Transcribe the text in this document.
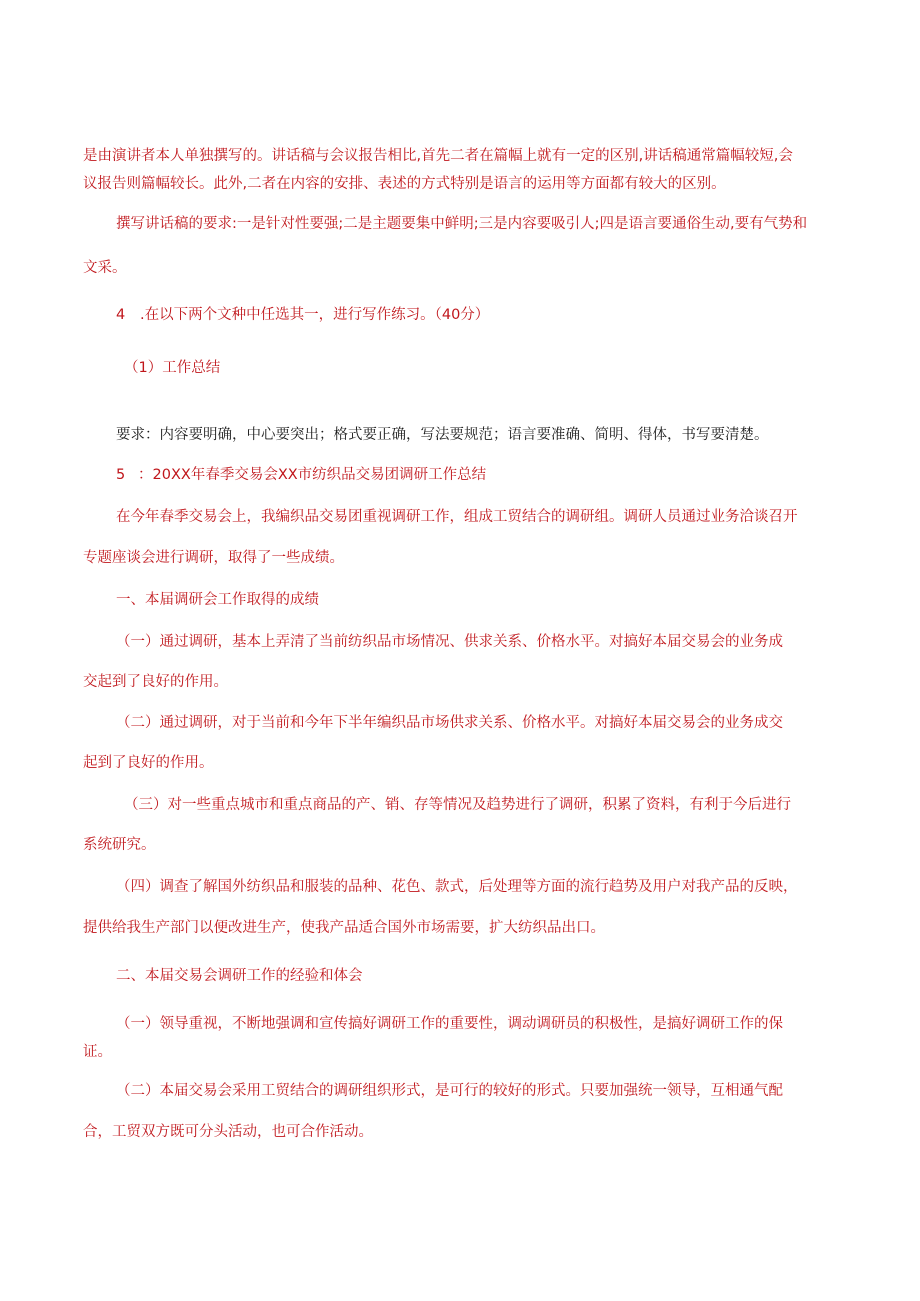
是由演讲者本人单独撰写的。讲话稿与会议报告相比,首先二者在篇幅上就有一定的区别,讲话稿通常篇幅较短,会
议报告则篇幅较长。此外,二者在内容的安排、表述的方式特别是语言的运用等方面都有较大的区别。
撰写讲话稿的要求:一是针对性要强;二是主题要集中鲜明;三是内容要吸引人;四是语言要通俗生动,要有气势和
文采。
4 .在以下两个文种中任选其一，进行写作练习。（40分）
（1）工作总结
要求：内容要明确，中心要突出；格式要正确，写法要规范；语言要准确、简明、得体，书写要清楚。
5 ：20XX年春季交易会XX市纺织品交易团调研工作总结
在今年春季交易会上，我编织品交易团重视调研工作，组成工贸结合的调研组。调研人员通过业务洽谈召开
专题座谈会进行调研，取得了一些成绩。
一、本届调研会工作取得的成绩
（一）通过调研，基本上弄清了当前纺织品市场情况、供求关系、价格水平。对搞好本届交易会的业务成
交起到了良好的作用。
（二）通过调研，对于当前和今年下半年编织品市场供求关系、价格水平。对搞好本届交易会的业务成交
起到了良好的作用。
（三）对一些重点城市和重点商品的产、销、存等情况及趋势进行了调研，积累了资料，有利于今后进行
系统研究。
（四）调查了解国外纺织品和服装的品种、花色、款式，后处理等方面的流行趋势及用户对我产品的反映，
提供给我生产部门以便改进生产，使我产品适合国外市场需要，扩大纺织品出口。
二、本届交易会调研工作的经验和体会
（一）领导重视，不断地强调和宣传搞好调研工作的重要性，调动调研员的积极性，是搞好调研工作的保
证。
（二）本届交易会采用工贸结合的调研组织形式，是可行的较好的形式。只要加强统一领导，互相通气配
合，工贸双方既可分头活动，也可合作活动。
